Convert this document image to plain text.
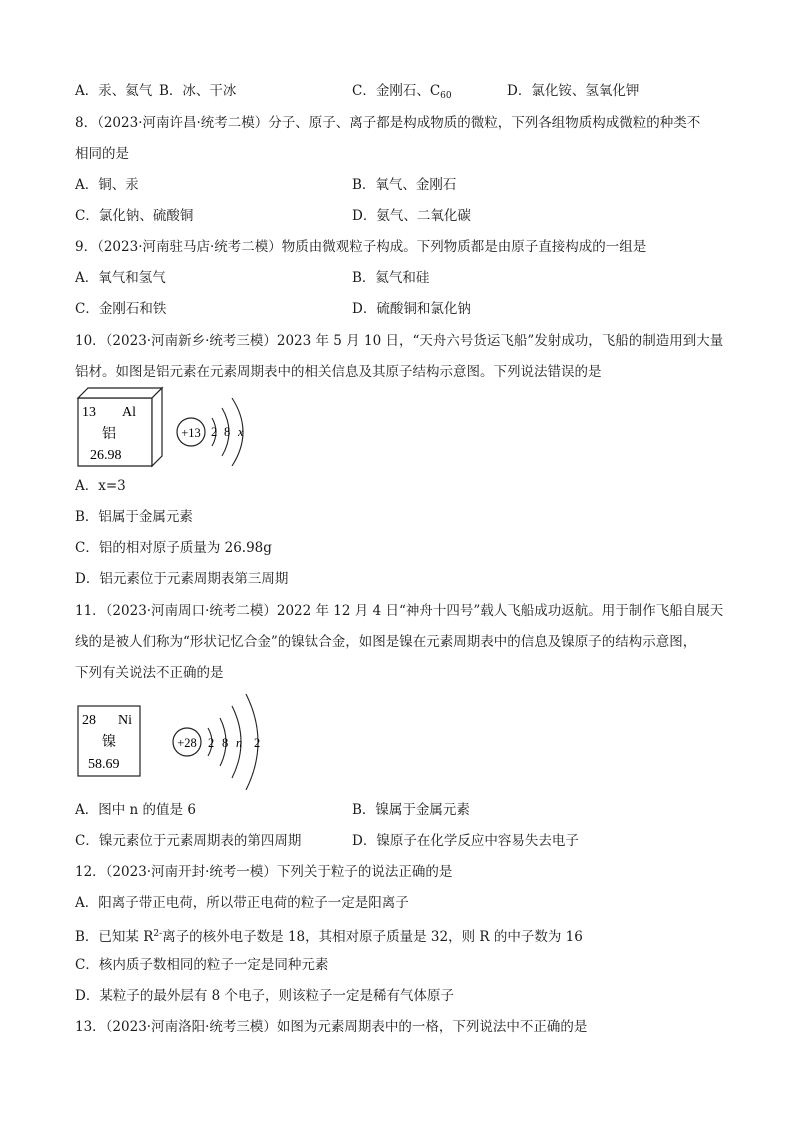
A．汞、氦气 B．冰、干冰	C．金刚石、$C_{60}$	D．氯化铵、氢氧化钾
8．（2023·河南许昌·统考二模）分子、原子、离子都是构成物质的微粒，下列各组物质构成微粒的种类不
相同的是
A．铜、汞	B．氧气、金刚石
C．氯化钠、硫酸铜	D．氨气、二氧化碳
9．（2023·河南驻马店·统考二模）物质由微观粒子构成。下列物质都是由原子直接构成的一组是
A．氧气和氢气	B．氦气和硅
C．金刚石和铁	D．硫酸铜和氯化钠
10．（2023·河南新乡·统考三模）2023 年 5 月 10 日，“天舟六号货运飞船”发射成功，飞船的制造用到大量
铝材。如图是铝元素在元素周期表中的相关信息及其原子结构示意图。下列说法错误的是
13 Al
铝
26.98
+13 2 8 x
A．x=3
B．铝属于金属元素
C．铝的相对原子质量为 26.98g
D．铝元素位于元素周期表第三周期
11．（2023·河南周口·统考二模）2022 年 12 月 4 日“神舟十四号”载人飞船成功返航。用于制作飞船自展天
线的是被人们称为“形状记忆合金”的镍钛合金，如图是镍在元素周期表中的信息及镍原子的结构示意图，
下列有关说法不正确的是
28 Ni
镍
58.69
+28 2 8 n 2
A．图中 n 的值是 6	B．镍属于金属元素
C．镍元素位于元素周期表的第四周期	D．镍原子在化学反应中容易失去电子
12．（2023·河南开封·统考一模）下列关于粒子的说法正确的是
A．阳离子带正电荷，所以带正电荷的粒子一定是阳离子
B．已知某 $R^{2-}$离子的核外电子数是 18，其相对原子质量是 32，则 R 的中子数为 16
C．核内质子数相同的粒子一定是同种元素
D．某粒子的最外层有 8 个电子，则该粒子一定是稀有气体原子
13．（2023·河南洛阳·统考三模）如图为元素周期表中的一格，下列说法中不正确的是
